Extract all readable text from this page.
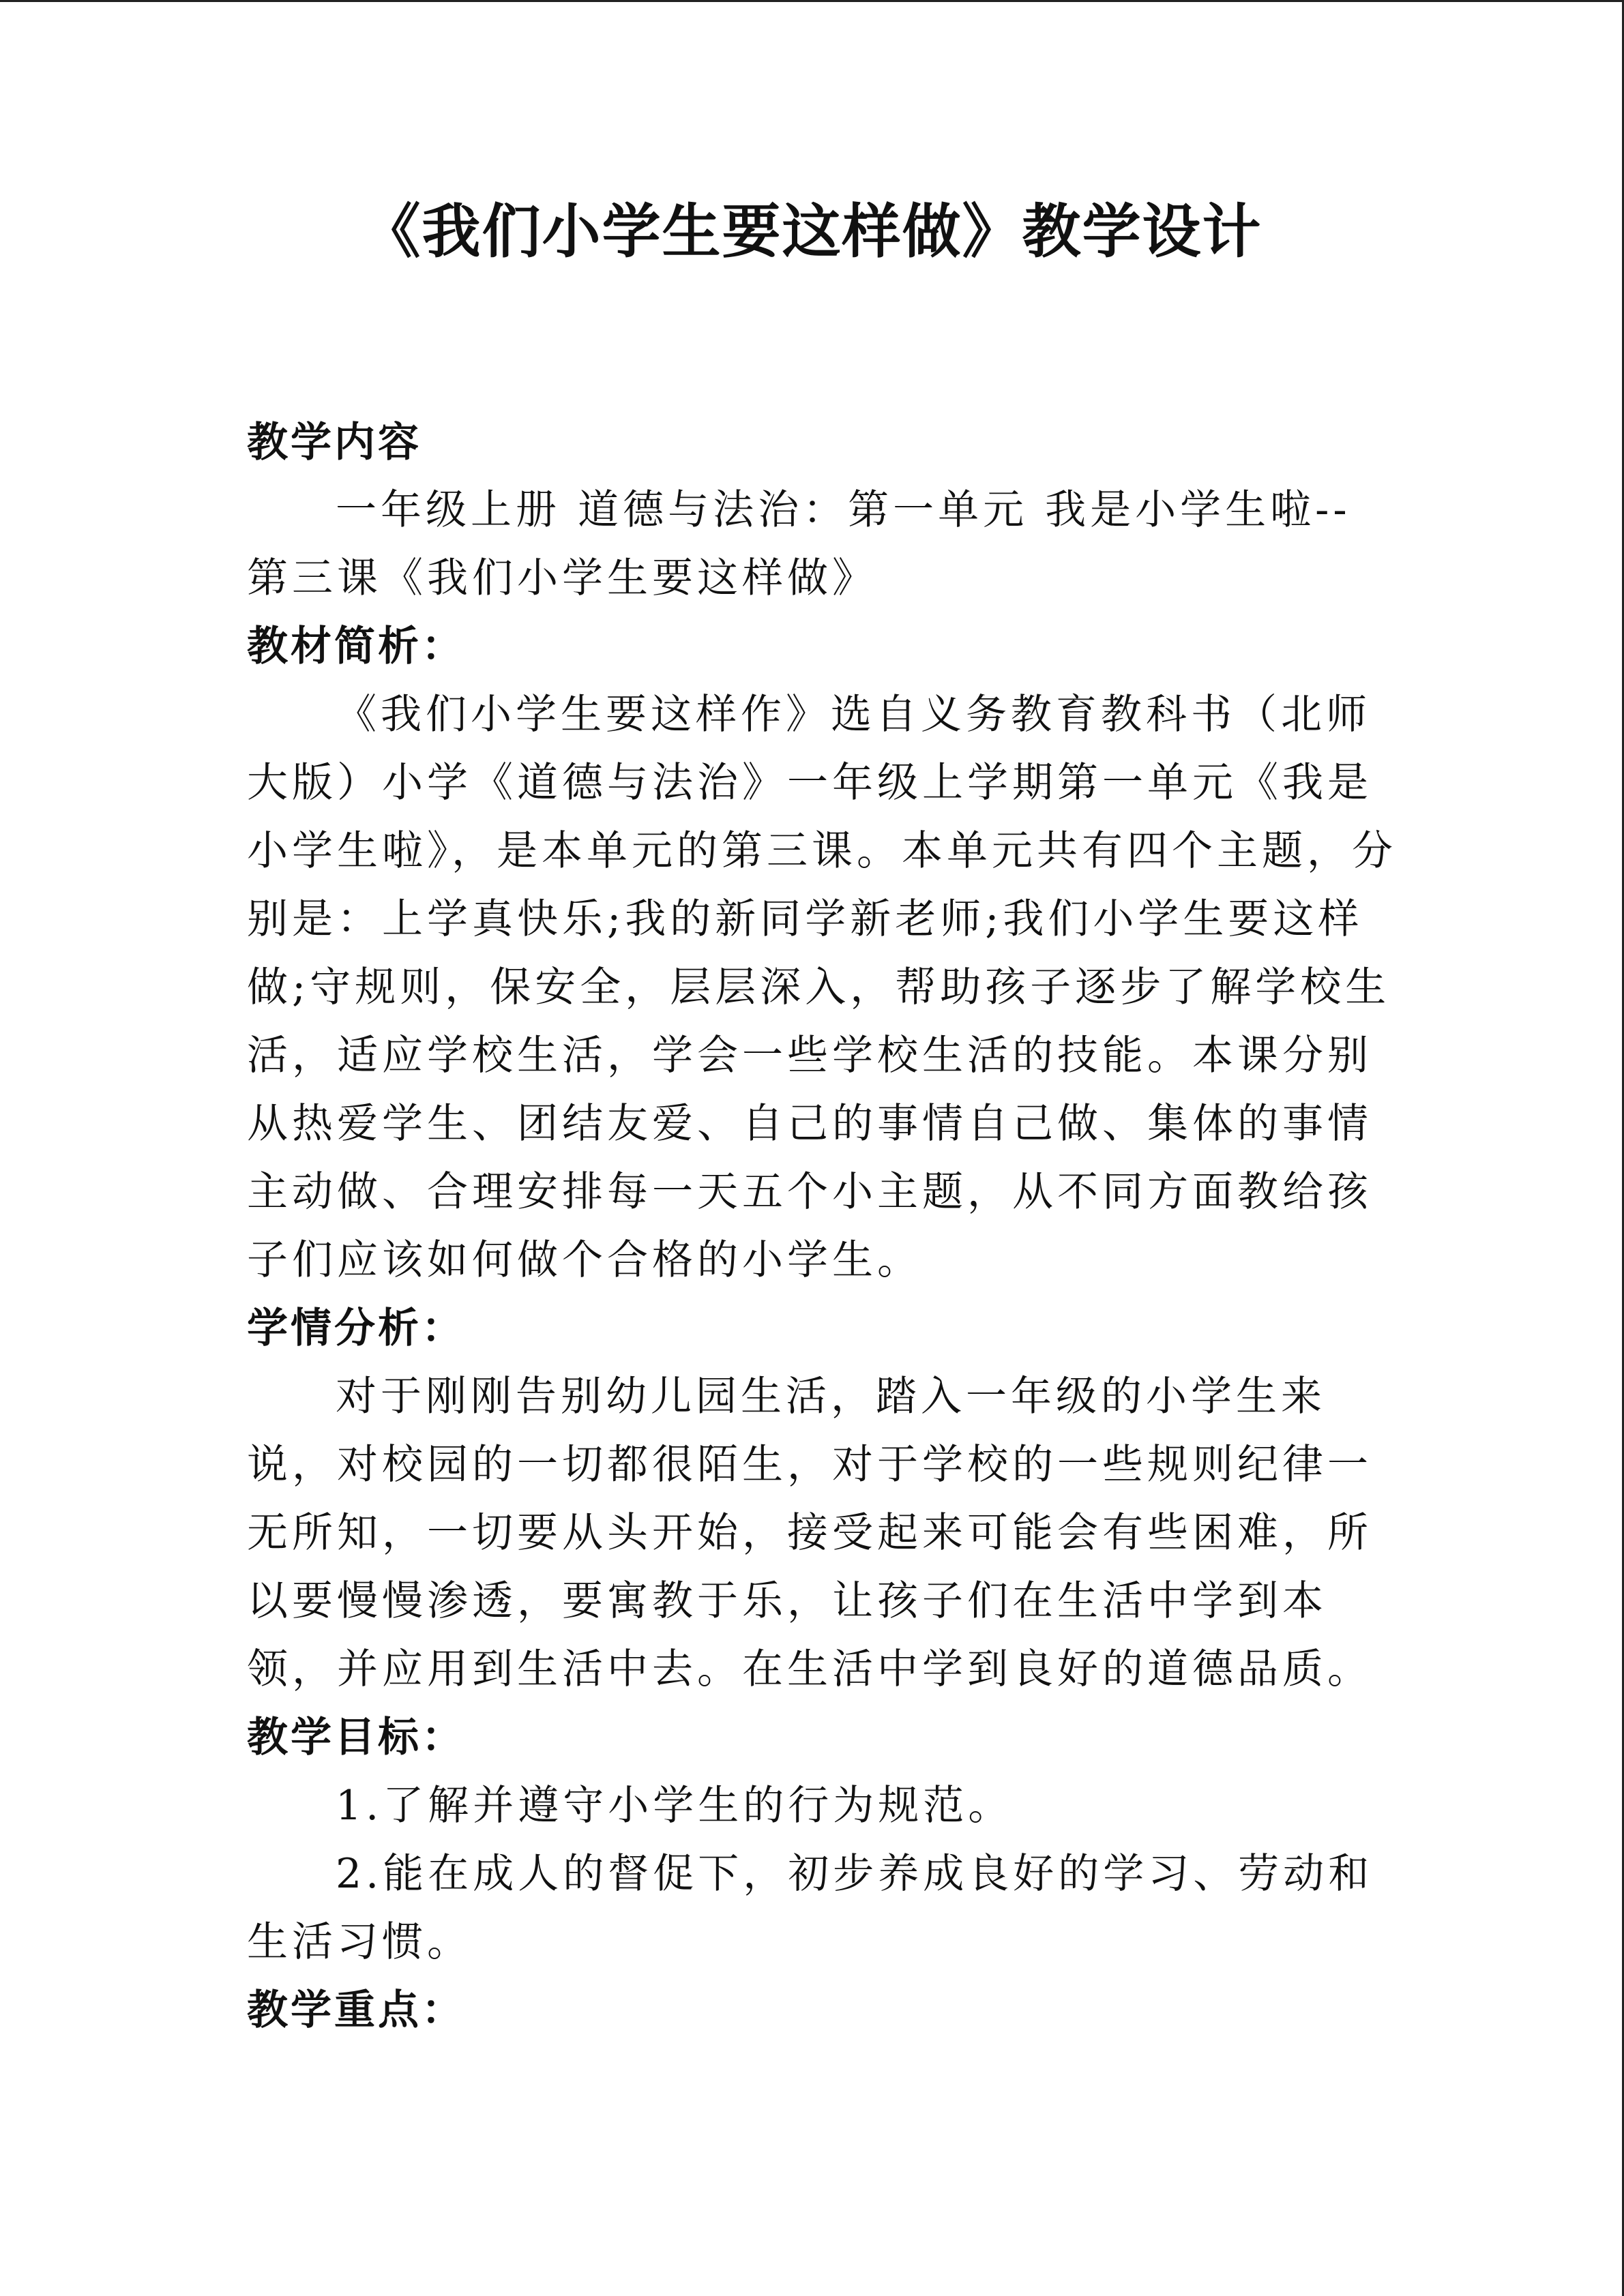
《我们小学生要这样做》教学设计

教学内容

一年级上册 道德与法治：第一单元 我是小学生啦--

第三课《我们小学生要这样做》

教材简析：

《我们小学生要这样作》选自义务教育教科书（北师

大版）小学《道德与法治》一年级上学期第一单元《我是

小学生啦》，是本单元的第三课。本单元共有四个主题，分

别是：上学真快乐;我的新同学新老师;我们小学生要这样

做;守规则，保安全，层层深入，帮助孩子逐步了解学校生

活，适应学校生活，学会一些学校生活的技能。本课分别

从热爱学生、团结友爱、自己的事情自己做、集体的事情

主动做、合理安排每一天五个小主题，从不同方面教给孩

子们应该如何做个合格的小学生。

学情分析：

对于刚刚告别幼儿园生活，踏入一年级的小学生来

说，对校园的一切都很陌生，对于学校的一些规则纪律一

无所知，一切要从头开始，接受起来可能会有些困难，所

以要慢慢渗透，要寓教于乐，让孩子们在生活中学到本

领，并应用到生活中去。在生活中学到良好的道德品质。

教学目标：

1.了解并遵守小学生的行为规范。

2.能在成人的督促下，初步养成良好的学习、劳动和

生活习惯。

教学重点：
